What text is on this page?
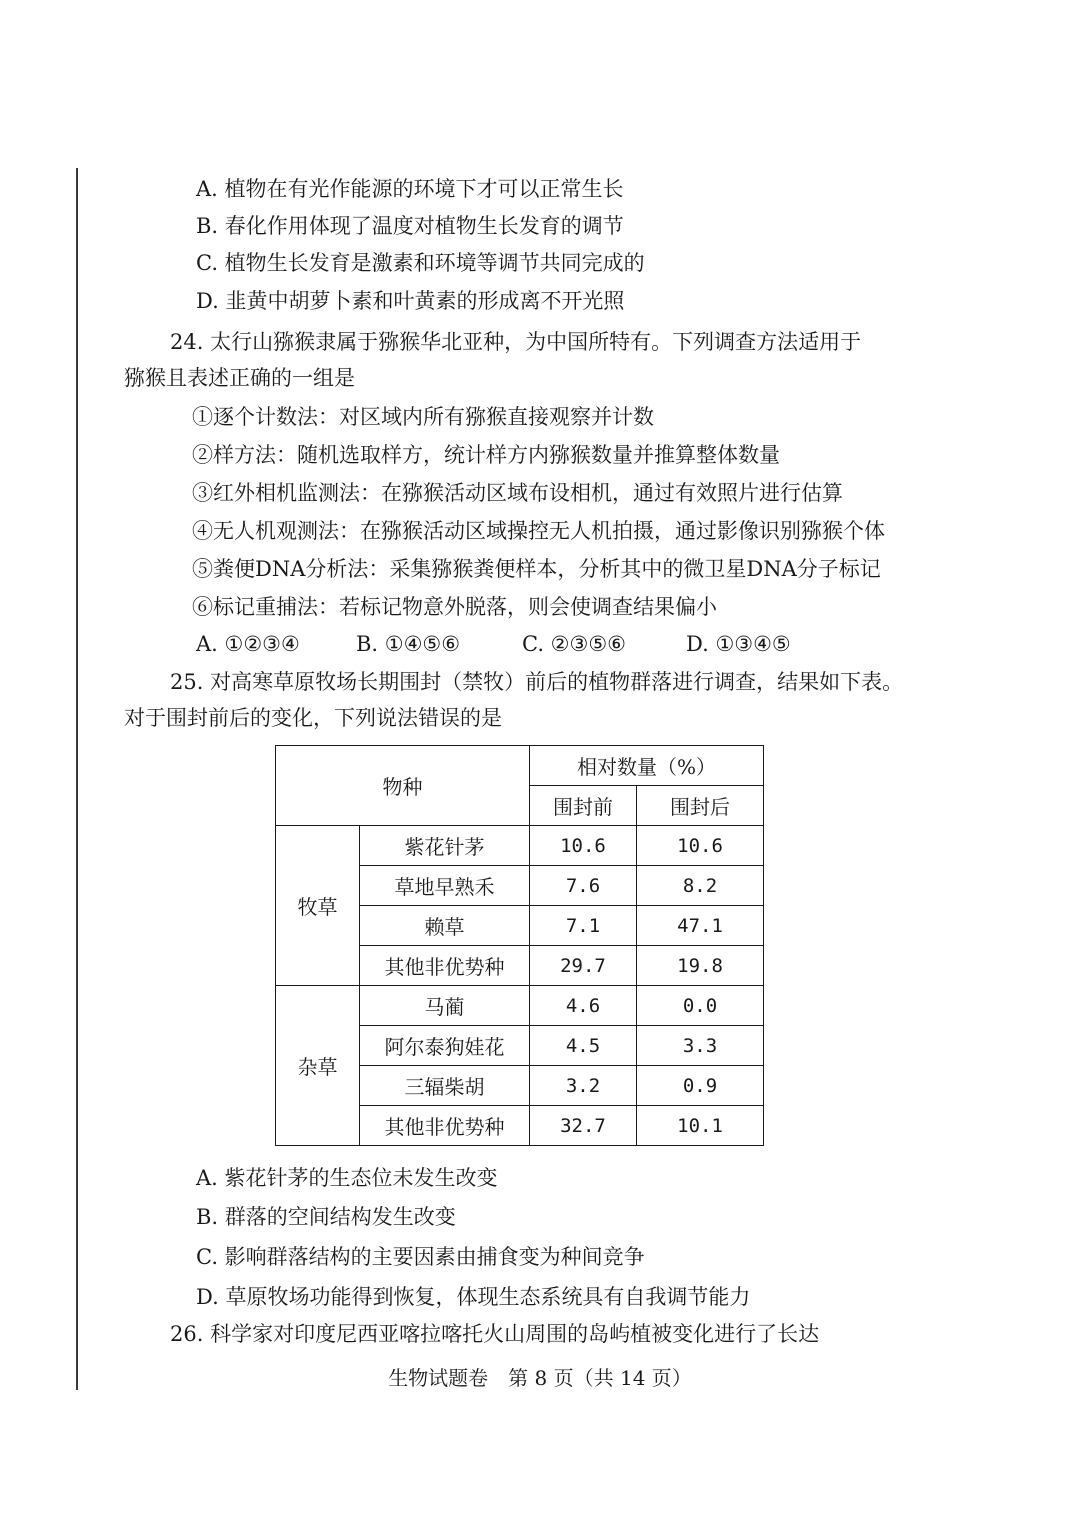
A. 植物在有光作能源的环境下才可以正常生长
B. 春化作用体现了温度对植物生长发育的调节
C. 植物生长发育是激素和环境等调节共同完成的
D. 韭黄中胡萝卜素和叶黄素的形成离不开光照
24. 太行山猕猴隶属于猕猴华北亚种，为中国所特有。下列调查方法适用于
猕猴且表述正确的一组是
①逐个计数法：对区域内所有猕猴直接观察并计数
②样方法：随机选取样方，统计样方内猕猴数量并推算整体数量
③红外相机监测法：在猕猴活动区域布设相机，通过有效照片进行估算
④无人机观测法：在猕猴活动区域操控无人机拍摄，通过影像识别猕猴个体
⑤粪便DNA分析法：采集猕猴粪便样本，分析其中的微卫星DNA分子标记
⑥标记重捕法：若标记物意外脱落，则会使调查结果偏小
A. ①②③④	B. ①④⑤⑥	C. ②③⑤⑥	D. ①③④⑤
25. 对高寒草原牧场长期围封（禁牧）前后的植物群落进行调查，结果如下表。
对于围封前后的变化，下列说法错误的是
物种		相对数量（%）	
		围封前	围封后
牧草	紫花针茅	10.6	10.6
	草地早熟禾	7.6	8.2
	赖草	7.1	47.1
	其他非优势种	29.7	19.8
杂草	马蔺	4.6	0.0
	阿尔泰狗娃花	4.5	3.3
	三辐柴胡	3.2	0.9
	其他非优势种	32.7	10.1
A. 紫花针茅的生态位未发生改变
B. 群落的空间结构发生改变
C. 影响群落结构的主要因素由捕食变为种间竞争
D. 草原牧场功能得到恢复，体现生态系统具有自我调节能力
26. 科学家对印度尼西亚喀拉喀托火山周围的岛屿植被变化进行了长达
生物试题卷　第 8 页（共 14 页）
